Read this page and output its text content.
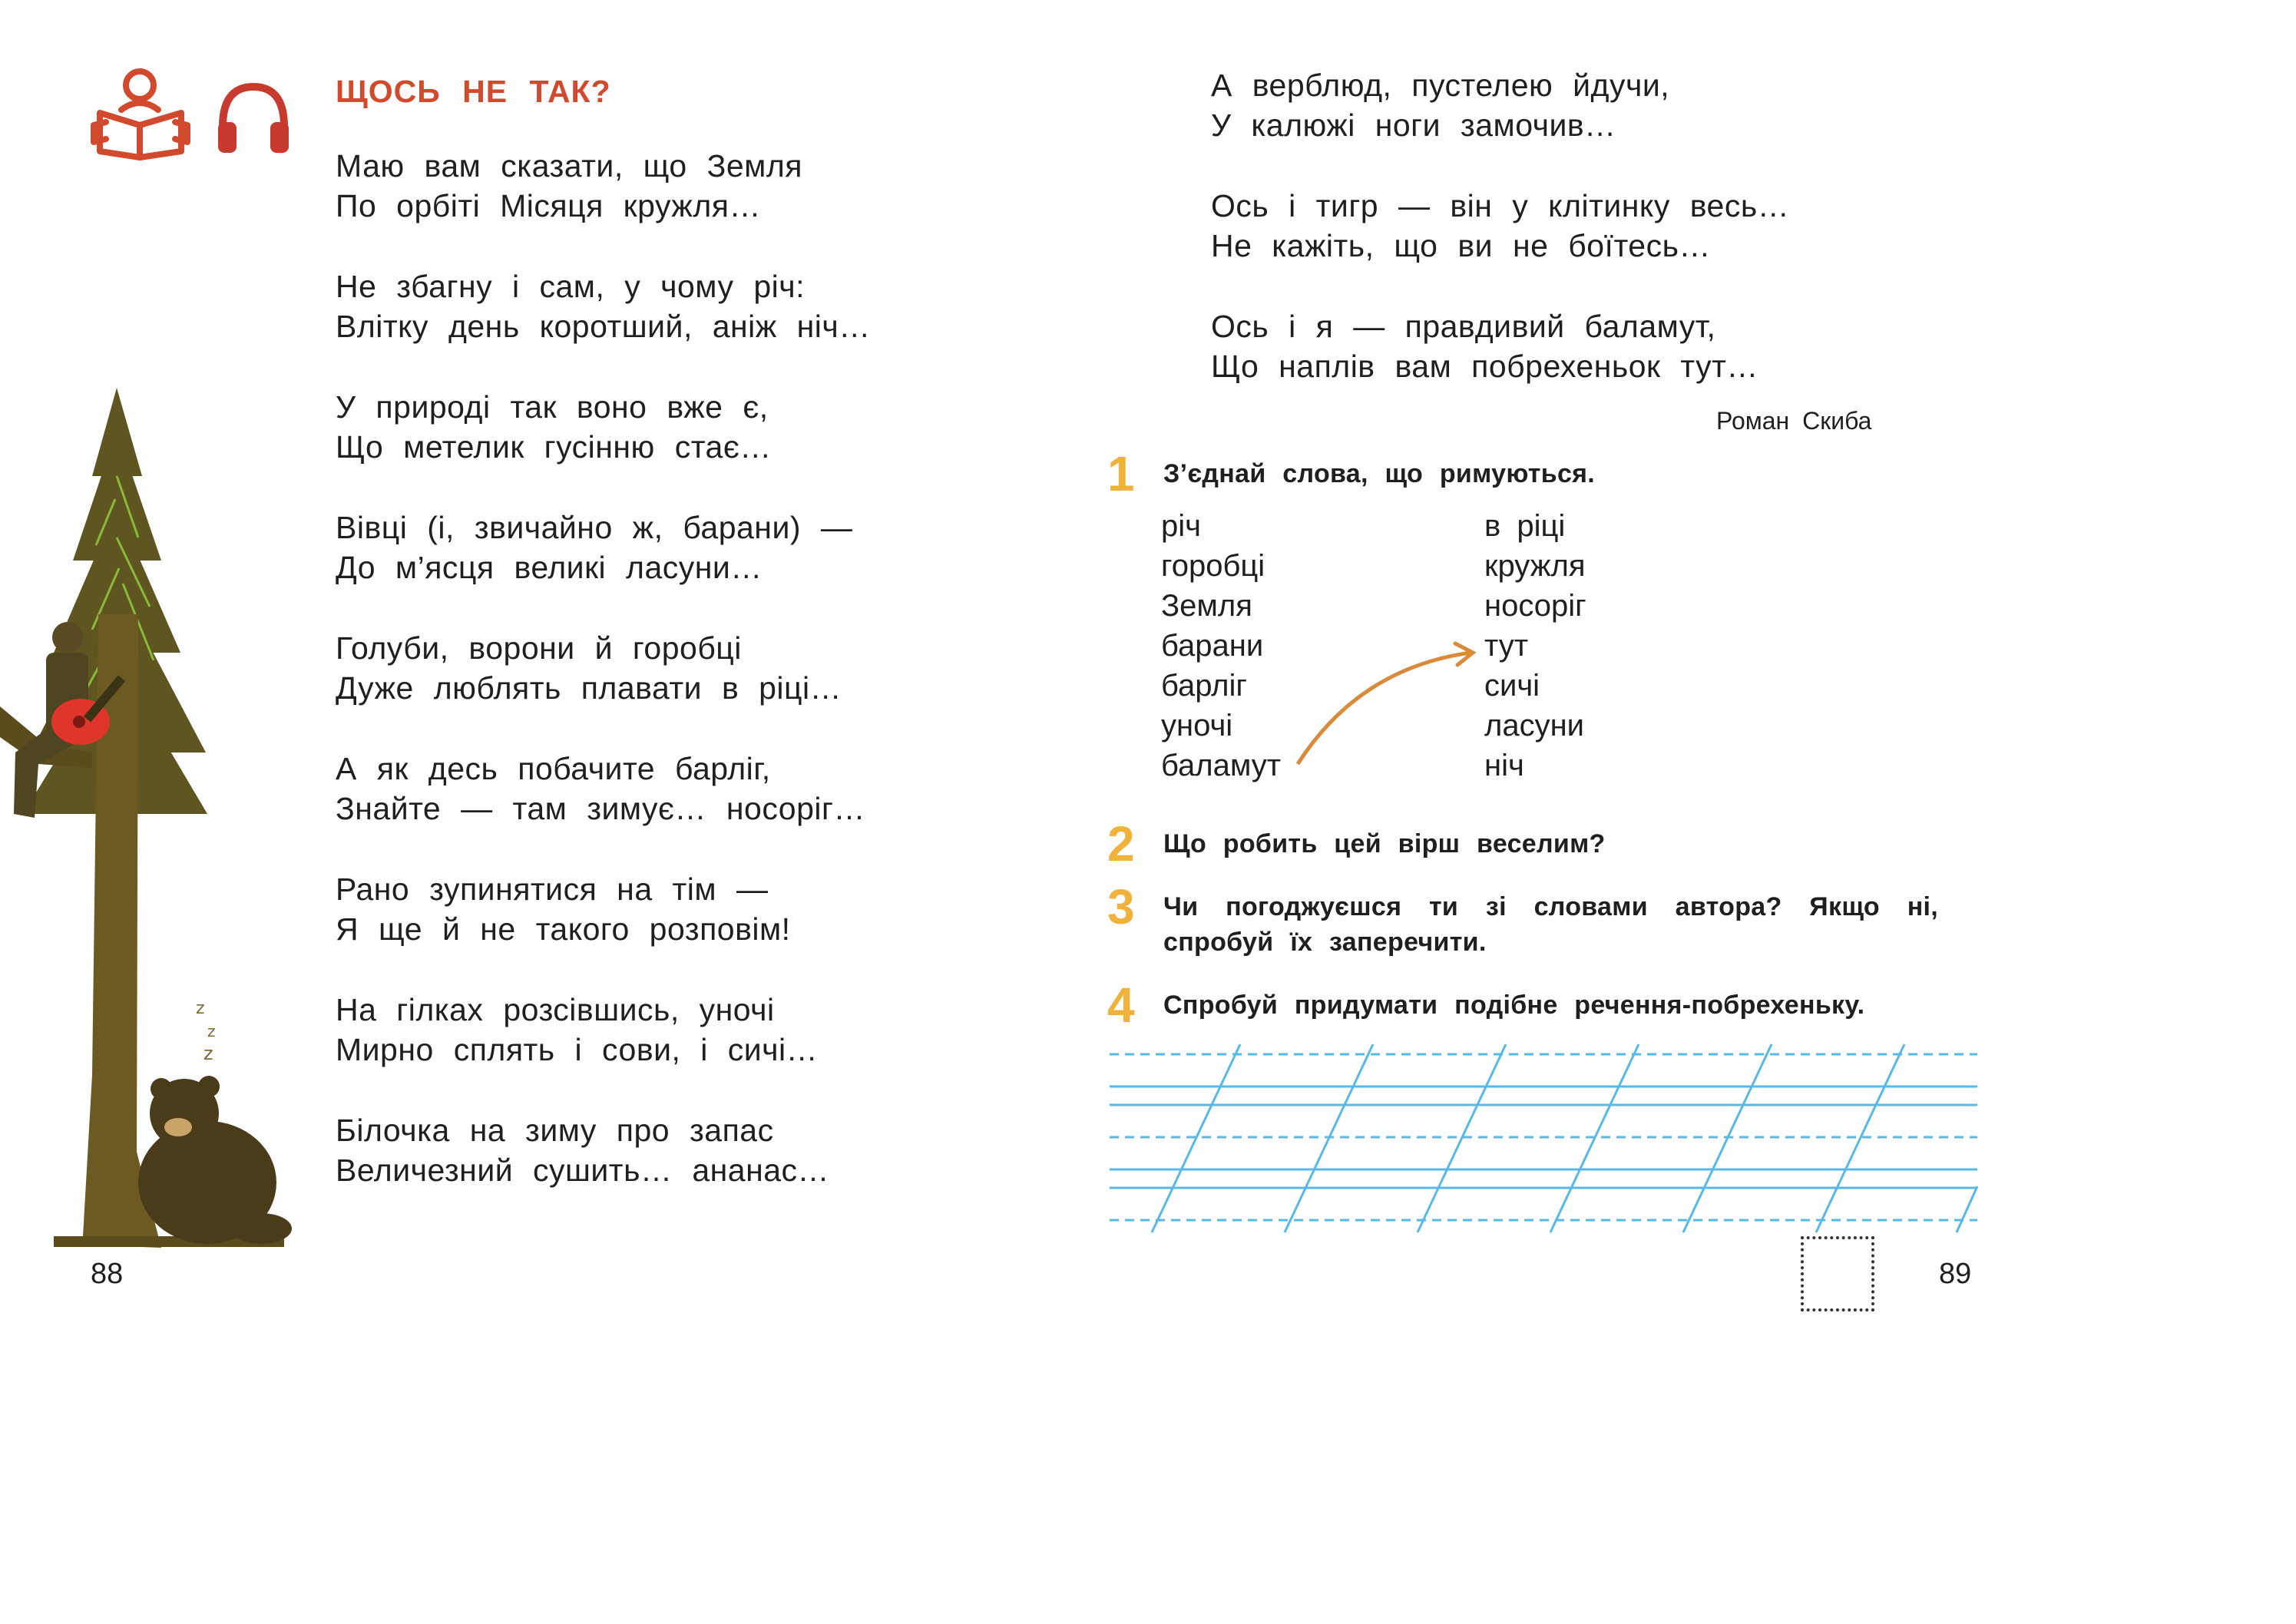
ЩОСЬ НЕ ТАК?
Маю вам сказати, що Земля
По орбіті Місяця кружля…
Не збагну і сам, у чому річ:
Влітку день коротший, аніж ніч…
У природі так воно вже є,
Що метелик гусінню стає…
Вівці (і, звичайно ж, барани) —
До м’ясця великі ласуни…
Голуби, ворони й горобці
Дуже люблять плавати в ріці…
А як десь побачите барліг,
Знайте — там зимує… носоріг…
Рано зупинятися на тім —
Я ще й не такого розповім!
На гілках розсівшись, уночі
Мирно сплять і сови, і сичі…
Білочка на зиму про запас
Величезний сушить… ананас…
z
z
z
88
А верблюд, пустелею йдучи,
У калюжі ноги замочив…
Ось і тигр — він у клітинку весь…
Не кажіть, що ви не боїтесь…
Ось і я — правдивий баламут,
Що наплів вам побрехеньок тут…
Роман Скиба
1 З’єднай слова, що римуються.
річ
горобці
Земля
барани
барліг
уночі
баламут
в ріці
кружля
носоріг
тут
сичі
ласуни
ніч
2 Що робить цей вірш веселим?
3 Чи погоджуєшся ти зі словами автора? Якщо ні,
спробуй їх заперечити.
4 Спробуй придумати подібне речення-побрехеньку.
89
